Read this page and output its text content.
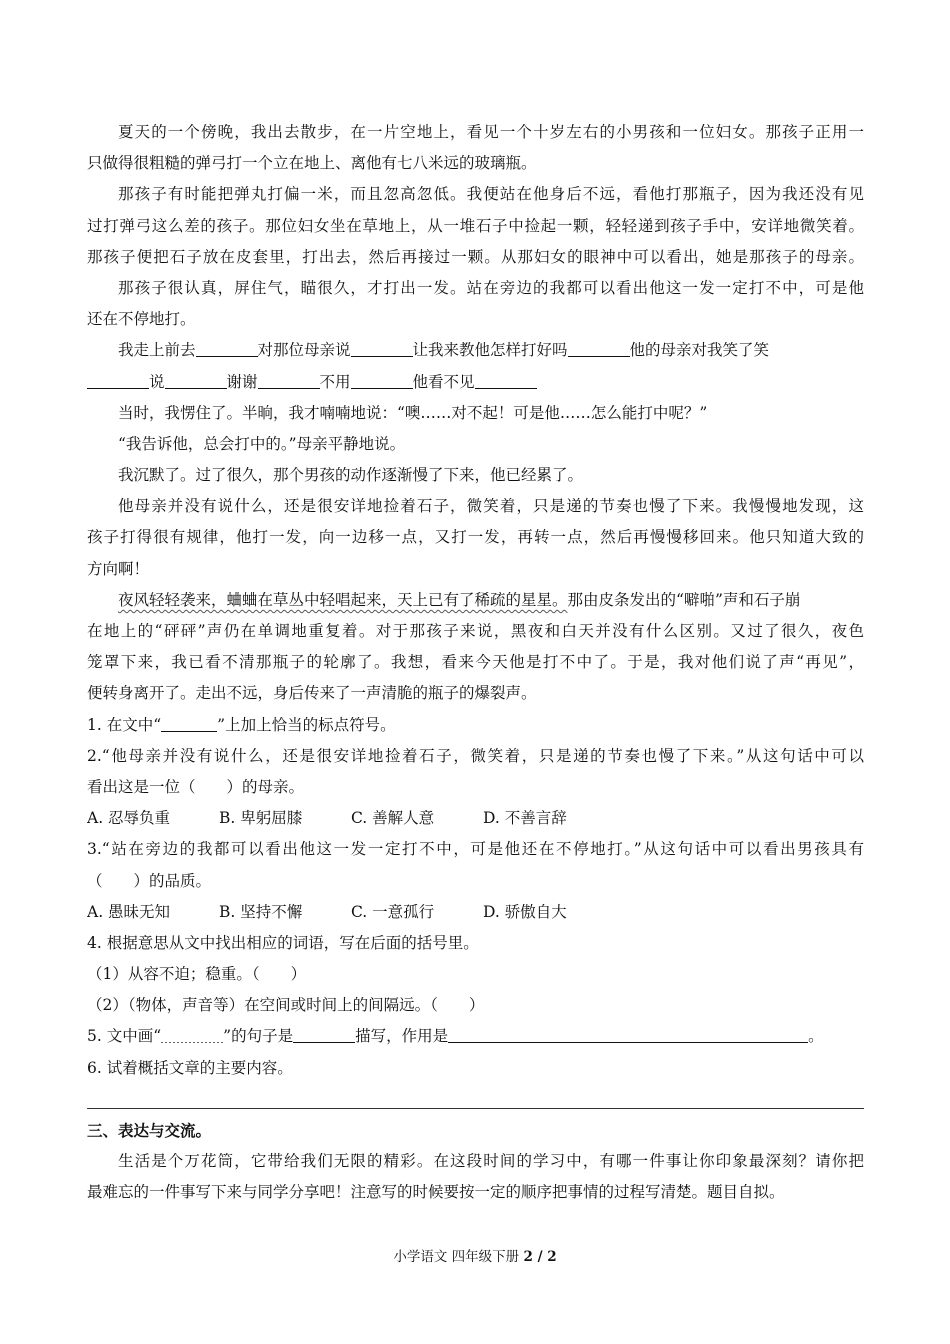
夏天的一个傍晚，我出去散步，在一片空地上，看见一个十岁左右的小男孩和一位妇女。那孩子正用一
只做得很粗糙的弹弓打一个立在地上、离他有七八米远的玻璃瓶。
那孩子有时能把弹丸打偏一米，而且忽高忽低。我便站在他身后不远，看他打那瓶子，因为我还没有见
过打弹弓这么差的孩子。那位妇女坐在草地上，从一堆石子中捡起一颗，轻轻递到孩子手中，安详地微笑着。
那孩子便把石子放在皮套里，打出去，然后再接过一颗。从那妇女的眼神中可以看出，她是那孩子的母亲。
那孩子很认真，屏住气，瞄很久，才打出一发。站在旁边的我都可以看出他这一发一定打不中，可是他
还在不停地打。
我走上前去	对那位母亲说	让我来教他怎样打好吗	他的母亲对我笑了笑
说	谢谢	不用	他看不见
当时，我愣住了。半晌，我才喃喃地说：“噢……对不起！可是他……怎么能打中呢？”
“我告诉他，总会打中的。”母亲平静地说。
我沉默了。过了很久，那个男孩的动作逐渐慢了下来，他已经累了。
他母亲并没有说什么，还是很安详地捡着石子，微笑着，只是递的节奏也慢了下来。我慢慢地发现，这
孩子打得很有规律，他打一发，向一边移一点，又打一发，再转一点，然后再慢慢移回来。他只知道大致的
方向啊！
夜风轻轻袭来，蛐蛐在草丛中轻唱起来，天上已有了稀疏的星星。那由皮条发出的“噼啪”声和石子崩
在地上的“砰砰”声仍在单调地重复着。对于那孩子来说，黑夜和白天并没有什么区别。又过了很久，夜色
笼罩下来，我已看不清那瓶子的轮廓了。我想，看来今天他是打不中了。于是，我对他们说了声“再见”，
便转身离开了。走出不远，身后传来了一声清脆的瓶子的爆裂声。
1. 在文中“	”上加上恰当的标点符号。
2.“他母亲并没有说什么，还是很安详地捡着石子，微笑着，只是递的节奏也慢了下来。”从这句话中可以
看出这是一位（　　）的母亲。
A. 忍辱负重	B. 卑躬屈膝	C. 善解人意	D. 不善言辞
3.“站在旁边的我都可以看出他这一发一定打不中，可是他还在不停地打。”从这句话中可以看出男孩具有
（　　）的品质。
A. 愚昧无知	B. 坚持不懈	C. 一意孤行	D. 骄傲自大
4. 根据意思从文中找出相应的词语，写在后面的括号里。
（1）从容不迫；稳重。（　　）
（2）（物体，声音等）在空间或时间上的间隔远。（　　）
5. 文中画“	”的句子是	描写，作用是	。
6. 试着概括文章的主要内容。
三、表达与交流。
生活是个万花筒，它带给我们无限的精彩。在这段时间的学习中，有哪一件事让你印象最深刻？请你把
最难忘的一件事写下来与同学分享吧！注意写的时候要按一定的顺序把事情的过程写清楚。题目自拟。
小学语文 四年级下册 2 / 2
